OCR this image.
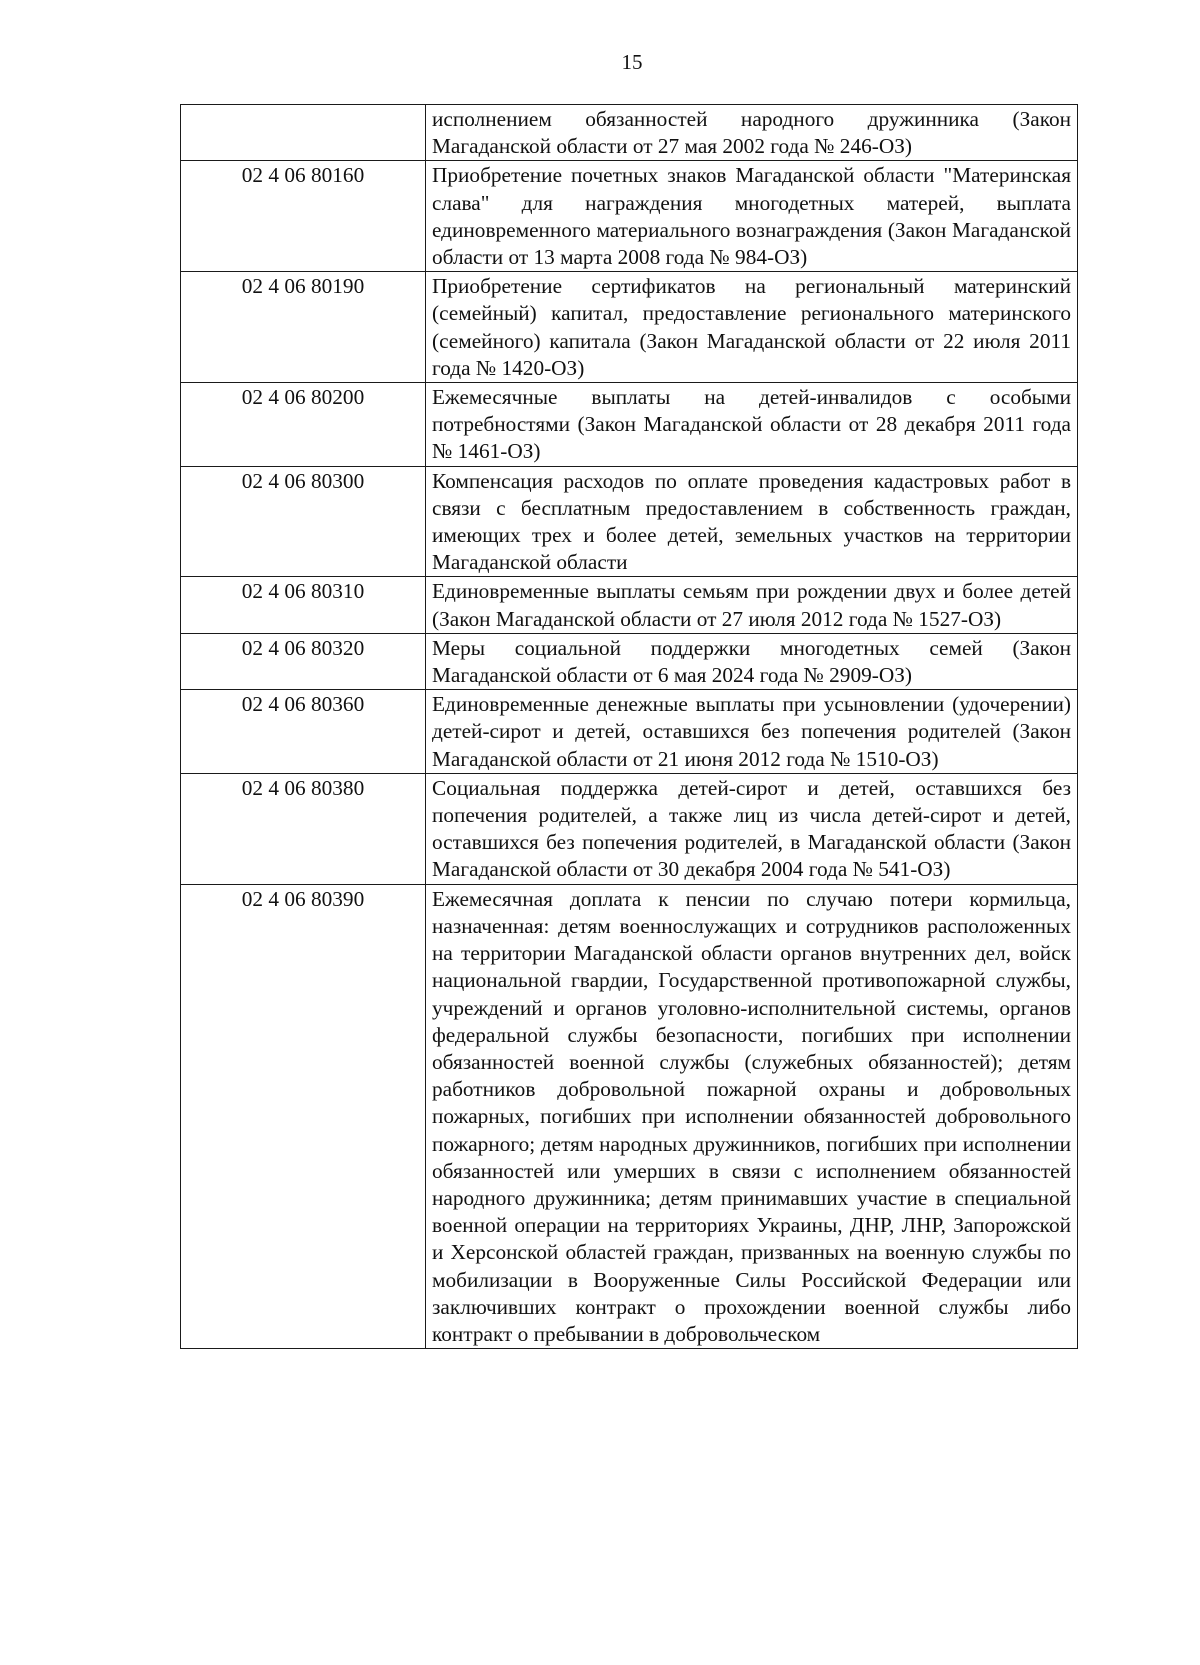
15
	исполнением обязанностей народного дружинника (Закон Магаданской области от 27 мая 2002 года № 246-ОЗ)
02 4 06 80160	Приобретение почетных знаков Магаданской области "Материнская слава" для награждения многодетных матерей, выплата единовременного материального вознаграждения (Закон Магаданской области от 13 марта 2008 года № 984-ОЗ)
02 4 06 80190	Приобретение сертификатов на региональный материнский (семейный) капитал, предоставление регионального материнского (семейного) капитала (Закон Магаданской области от 22 июля 2011 года № 1420-ОЗ)
02 4 06 80200	Ежемесячные выплаты на детей-инвалидов с особыми потребностями (Закон Магаданской области от 28 декабря 2011 года № 1461-ОЗ)
02 4 06 80300	Компенсация расходов по оплате проведения кадастровых работ в связи с бесплатным предоставлением в собственность граждан, имеющих трех и более детей, земельных участков на территории Магаданской области
02 4 06 80310	Единовременные выплаты семьям при рождении двух и более детей (Закон Магаданской области от 27 июля 2012 года № 1527-ОЗ)
02 4 06 80320	Меры социальной поддержки многодетных семей (Закон Магаданской области от 6 мая 2024 года № 2909-ОЗ)
02 4 06 80360	Единовременные денежные выплаты при усыновлении (удочерении) детей-сирот и детей, оставшихся без попечения родителей (Закон Магаданской области от 21 июня 2012 года № 1510-ОЗ)
02 4 06 80380	Социальная поддержка детей-сирот и детей, оставшихся без попечения родителей, а также лиц из числа детей-сирот и детей, оставшихся без попечения родителей, в Магаданской области (Закон Магаданской области от 30 декабря 2004 года № 541-ОЗ)
02 4 06 80390	Ежемесячная доплата к пенсии по случаю потери кормильца, назначенная: детям военнослужащих и сотрудников расположенных на территории Магаданской области органов внутренних дел, войск национальной гвардии, Государственной противопожарной службы, учреждений и органов уголовно-исполнительной системы, органов федеральной службы безопасности, погибших при исполнении обязанностей военной службы (служебных обязанностей); детям работников добровольной пожарной охраны и добровольных пожарных, погибших при исполнении обязанностей добровольного пожарного; детям народных дружинников, погибших при исполнении обязанностей или умерших в связи с исполнением обязанностей народного дружинника; детям принимавших участие в специальной военной операции на территориях Украины, ДНР, ЛНР, Запорожской и Херсонской областей граждан, призванных на военную службы по мобилизации в Вооруженные Силы Российской Федерации или заключивших контракт о прохождении военной службы либо контракт о пребывании в добровольческом
